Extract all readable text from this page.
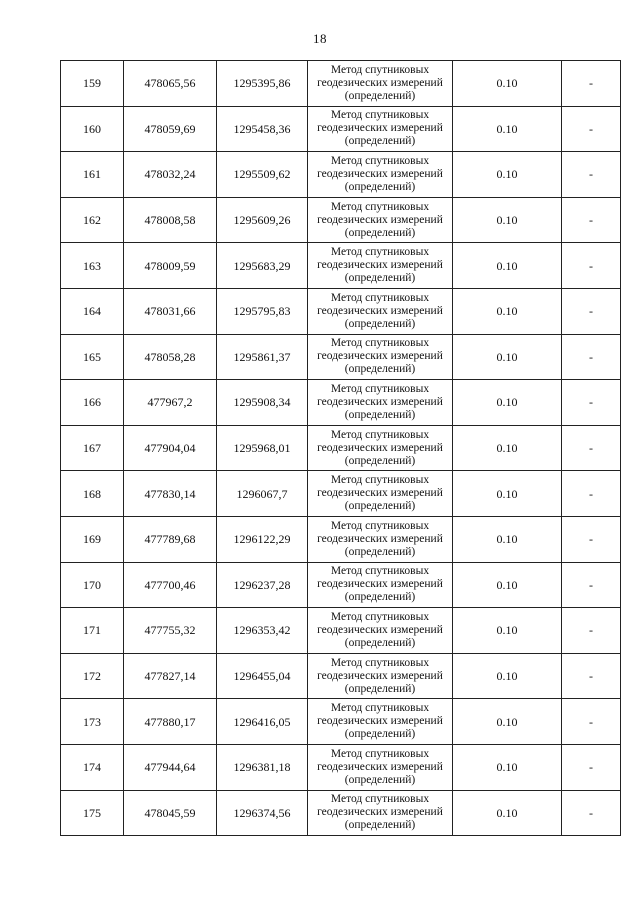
18
159	478065,56	1295395,86	Метод спутниковых
геодезических измерений
(определений)	0.10	-
160	478059,69	1295458,36	Метод спутниковых
геодезических измерений
(определений)	0.10	-
161	478032,24	1295509,62	Метод спутниковых
геодезических измерений
(определений)	0.10	-
162	478008,58	1295609,26	Метод спутниковых
геодезических измерений
(определений)	0.10	-
163	478009,59	1295683,29	Метод спутниковых
геодезических измерений
(определений)	0.10	-
164	478031,66	1295795,83	Метод спутниковых
геодезических измерений
(определений)	0.10	-
165	478058,28	1295861,37	Метод спутниковых
геодезических измерений
(определений)	0.10	-
166	477967,2	1295908,34	Метод спутниковых
геодезических измерений
(определений)	0.10	-
167	477904,04	1295968,01	Метод спутниковых
геодезических измерений
(определений)	0.10	-
168	477830,14	1296067,7	Метод спутниковых
геодезических измерений
(определений)	0.10	-
169	477789,68	1296122,29	Метод спутниковых
геодезических измерений
(определений)	0.10	-
170	477700,46	1296237,28	Метод спутниковых
геодезических измерений
(определений)	0.10	-
171	477755,32	1296353,42	Метод спутниковых
геодезических измерений
(определений)	0.10	-
172	477827,14	1296455,04	Метод спутниковых
геодезических измерений
(определений)	0.10	-
173	477880,17	1296416,05	Метод спутниковых
геодезических измерений
(определений)	0.10	-
174	477944,64	1296381,18	Метод спутниковых
геодезических измерений
(определений)	0.10	-
175	478045,59	1296374,56	Метод спутниковых
геодезических измерений
(определений)	0.10	-
